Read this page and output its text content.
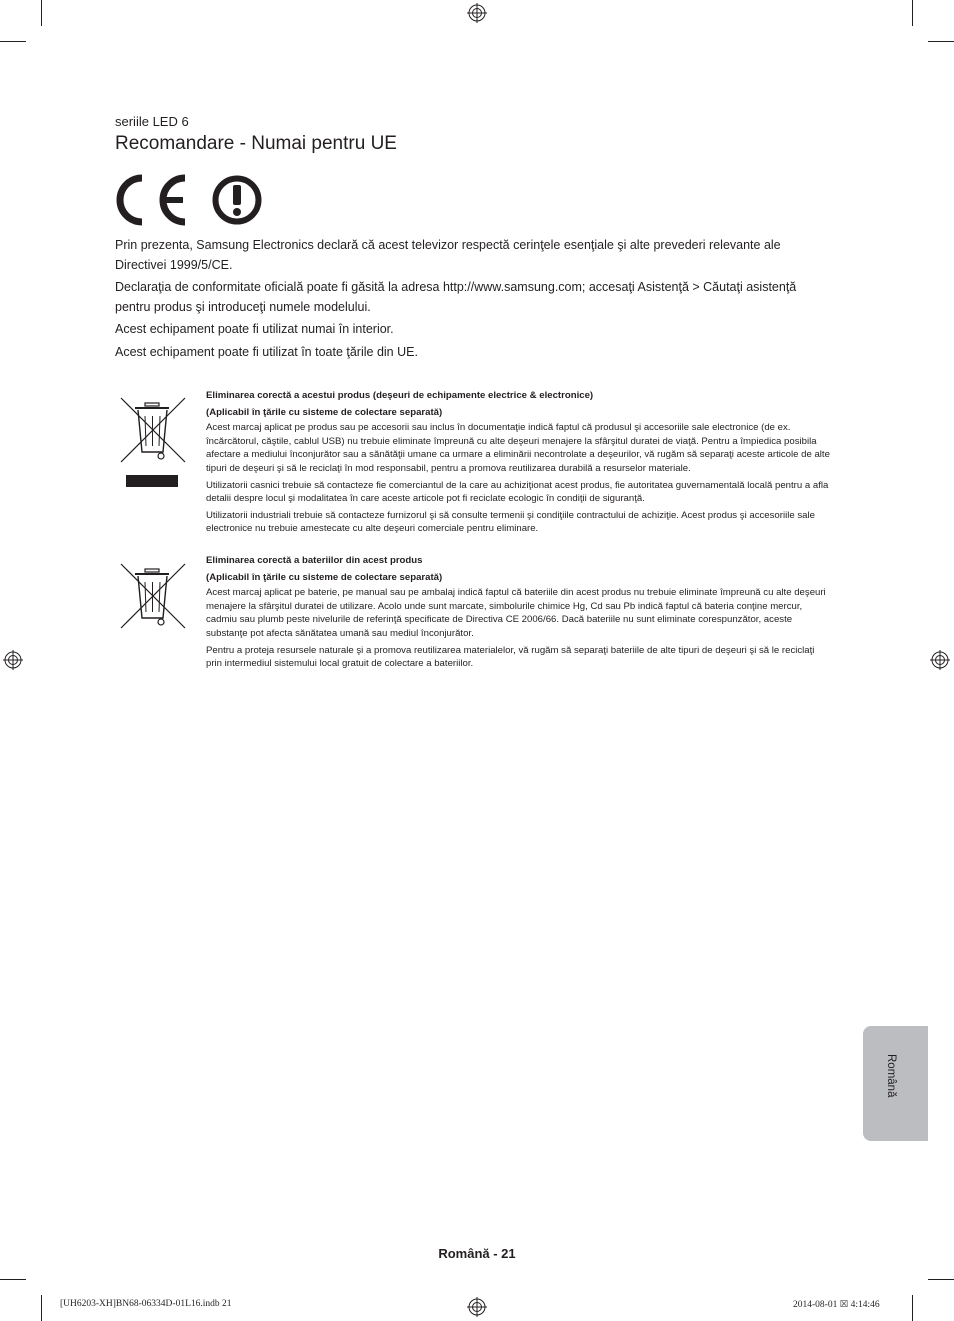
seriile LED 6
Recomandare - Numai pentru UE

Prin prezenta, Samsung Electronics declară că acest televizor respectă cerinţele esenţiale şi alte prevederi relevante ale Directivei 1999/5/CE.

Declaraţia de conformitate oficială poate fi găsită la adresa http://www.samsung.com; accesaţi Asistenţă > Căutaţi asistenţă pentru produs şi introduceţi numele modelului.

Acest echipament poate fi utilizat numai în interior.

Acest echipament poate fi utilizat în toate ţările din UE.

Eliminarea corectă a acestui produs (deşeuri de echipamente electrice & electronice)
(Aplicabil în ţările cu sisteme de colectare separată)

Acest marcaj aplicat pe produs sau pe accesorii sau inclus în documentaţie indică faptul că produsul şi accesoriile sale electronice (de ex. încărcătorul, căştile, cablul USB) nu trebuie eliminate împreună cu alte deşeuri menajere la sfârşitul duratei de viaţă. Pentru a împiedica posibila afectare a mediului înconjurător sau a sănătăţii umane ca urmare a eliminării necontrolate a deşeurilor, vă rugăm să separaţi aceste articole de alte tipuri de deşeuri şi să le reciclaţi în mod responsabil, pentru a promova reutilizarea durabilă a resurselor materiale.

Utilizatorii casnici trebuie să contacteze fie comerciantul de la care au achiziţionat acest produs, fie autoritatea guvernamentală locală pentru a afla detalii despre locul şi modalitatea în care aceste articole pot fi reciclate ecologic în condiţii de siguranţă.

Utilizatorii industriali trebuie să contacteze furnizorul şi să consulte termenii şi condiţiile contractului de achiziţie. Acest produs şi accesoriile sale electronice nu trebuie amestecate cu alte deşeuri comerciale pentru eliminare.

Eliminarea corectă a bateriilor din acest produs
(Aplicabil în ţările cu sisteme de colectare separată)

Acest marcaj aplicat pe baterie, pe manual sau pe ambalaj indică faptul că bateriile din acest produs nu trebuie eliminate împreună cu alte deşeuri menajere la sfârşitul duratei de utilizare. Acolo unde sunt marcate, simbolurile chimice Hg, Cd sau Pb indică faptul că bateria conţine mercur, cadmiu sau plumb peste nivelurile de referinţă specificate de Directiva CE 2006/66. Dacă bateriile nu sunt eliminate corespunzător, aceste substanţe pot afecta sănătatea umană sau mediul înconjurător.

Pentru a proteja resursele naturale şi a promova reutilizarea materialelor, vă rugăm să separaţi bateriile de alte tipuri de deşeuri şi să le reciclaţi prin intermediul sistemului local gratuit de colectare a bateriilor.

Română
Română - 21
[UH6203-XH]BN68-06334D-01L16.indb 21	2014-08-01 ☒ 4:14:46
